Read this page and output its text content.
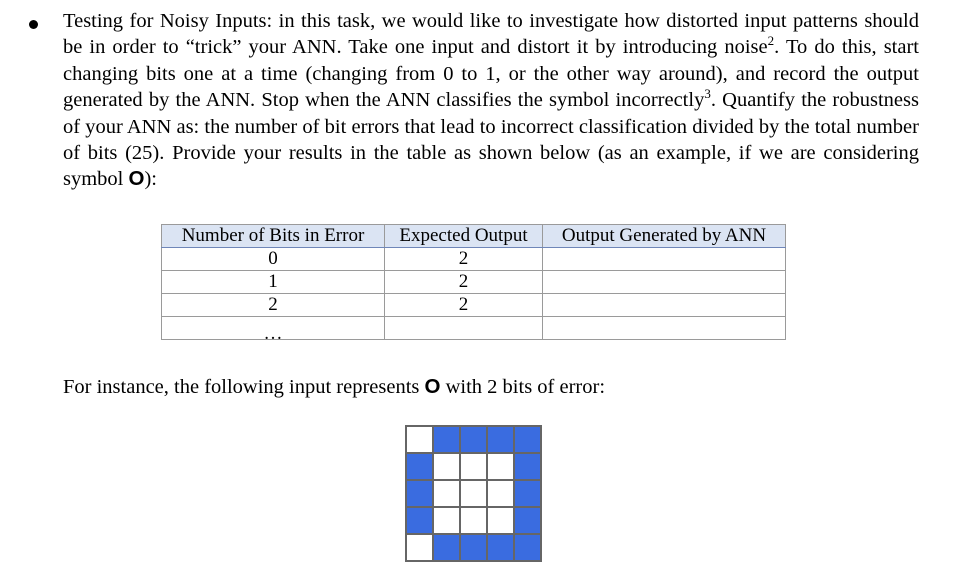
Testing for Noisy Inputs: in this task, we would like to investigate how distorted input patterns should be in order to “trick” your ANN. Take one input and distort it by introducing noise$^2$. To do this, start changing bits one at a time (changing from 0 to 1, or the other way around), and record the output generated by the ANN. Stop when the ANN classifies the symbol incorrectly$^3$. Quantify the robustness of your ANN as: the number of bit errors that lead to incorrect classification divided by the total number of bits (25). Provide your results in the table as shown below (as an example, if we are considering symbol O):

Number of Bits in Error	Expected Output	Output Generated by ANN
0	2	
1	2	
2	2	
…		

For instance, the following input represents O with 2 bits of error:
